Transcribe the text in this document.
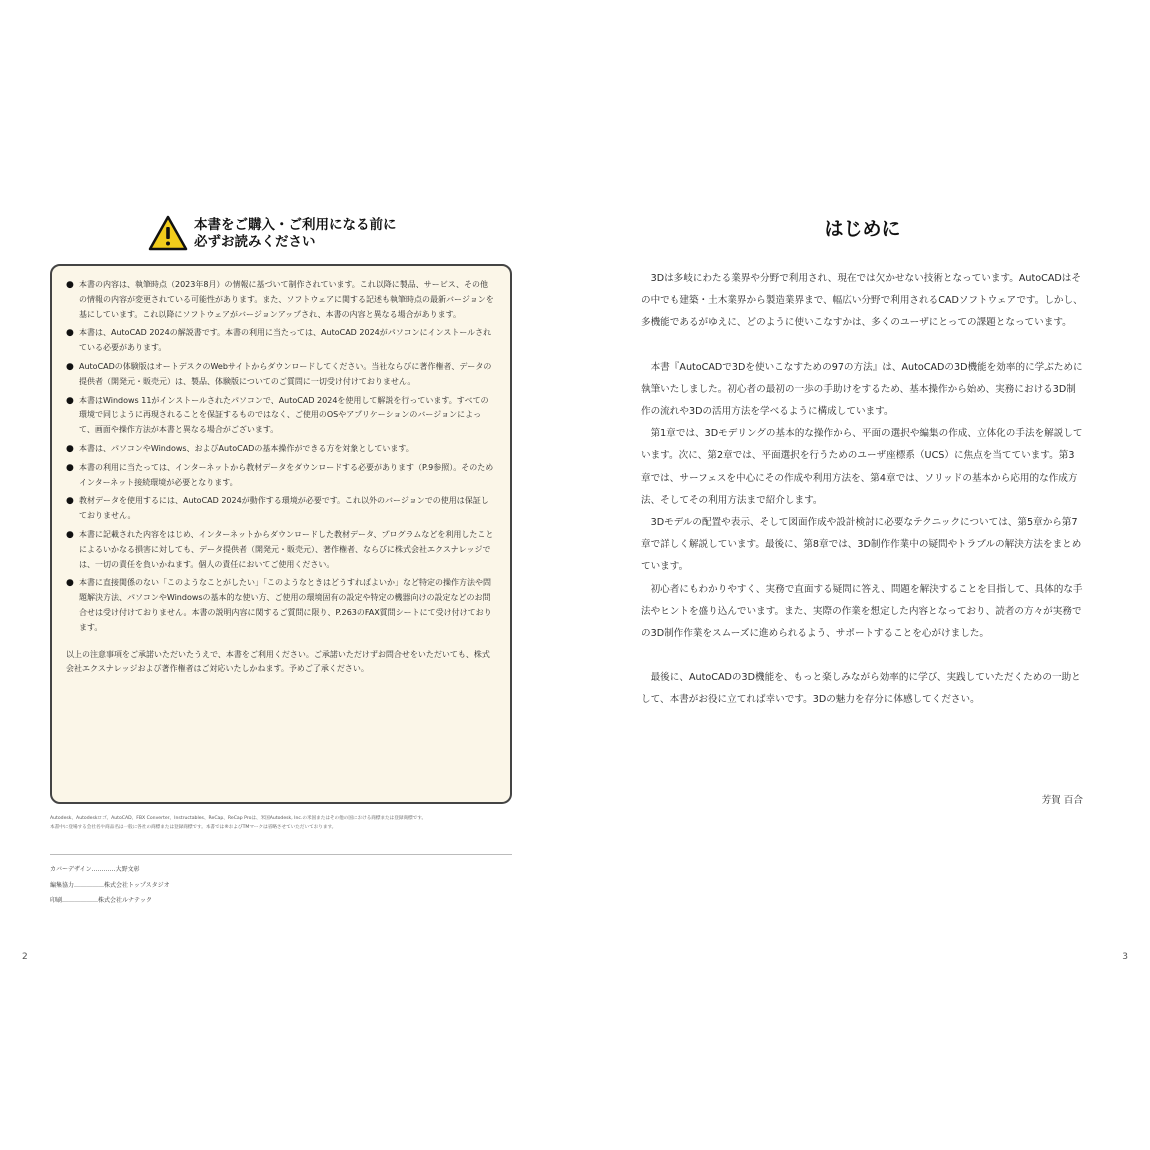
本書をご購入・ご利用になる前に
必ずお読みください
● 本書の内容は、執筆時点（2023年8月）の情報に基づいて制作されています。これ以降に製品、サービス、その他の情報の内容が変更されている可能性があります。また、ソフトウェアに関する記述も執筆時点の最新バージョンを基にしています。これ以降にソフトウェアがバージョンアップされ、本書の内容と異なる場合があります。
● 本書は、AutoCAD 2024の解説書です。本書の利用に当たっては、AutoCAD 2024がパソコンにインストールされている必要があります。
● AutoCADの体験版はオートデスクのWebサイトからダウンロードしてください。当社ならびに著作権者、データの提供者（開発元・販売元）は、製品、体験版についてのご質問に一切受け付けておりません。
● 本書はWindows 11がインストールされたパソコンで、AutoCAD 2024を使用して解説を行っています。すべての環境で同じように再現されることを保証するものではなく、ご使用のOSやアプリケーションのバージョンによって、画面や操作方法が本書と異なる場合がございます。
● 本書は、パソコンやWindows、およびAutoCADの基本操作ができる方を対象としています。
● 本書の利用に当たっては、インターネットから教材データをダウンロードする必要があります（P.9参照）。そのためインターネット接続環境が必要となります。
● 教材データを使用するには、AutoCAD 2024が動作する環境が必要です。これ以外のバージョンでの使用は保証しておりません。
● 本書に記載された内容をはじめ、インターネットからダウンロードした教材データ、プログラムなどを利用したことによるいかなる損害に対しても、データ提供者（開発元・販売元）、著作権者、ならびに株式会社エクスナレッジでは、一切の責任を負いかねます。個人の責任においてご使用ください。
● 本書に直接関係のない「このようなことがしたい」「このようなときはどうすればよいか」など特定の操作方法や問題解決方法、パソコンやWindowsの基本的な使い方、ご使用の環境固有の設定や特定の機器向けの設定などのお問合せは受け付けておりません。本書の説明内容に関するご質問に限り、P.263のFAX質問シートにて受け付けております。
以上の注意事項をご承諾いただいたうえで、本書をご利用ください。ご承諾いただけずお問合せをいただいても、株式会社エクスナレッジおよび著作権者はご対応いたしかねます。予めご了承ください。
Autodesk、Autodeskロゴ、AutoCAD、FBX Converter、Instructables、ReCap、ReCap Proは、米国Autodesk, Inc.の米国またはその他の国における商標または登録商標です。
本書中に登場する会社名や商品名は一般に各社の商標または登録商標です。本書では®およびTMマークは省略させていただいております。
カバーデザイン…………大野文彰
編集協力……………株式会社トップスタジオ
印刷………………株式会社ルナテック
2
はじめに

3Dは多岐にわたる業界や分野で利用され、現在では欠かせない技術となっています。AutoCADはその中でも建築・土木業界から製造業界まで、幅広い分野で利用されるCADソフトウェアです。しかし、多機能であるがゆえに、どのように使いこなすかは、多くのユーザにとっての課題となっています。

本書『AutoCADで3Dを使いこなすための97の方法』は、AutoCADの3D機能を効率的に学ぶために執筆いたしました。初心者の最初の一歩の手助けをするため、基本操作から始め、実務における3D制作の流れや3Dの活用方法を学べるように構成しています。

第1章では、3Dモデリングの基本的な操作から、平面の選択や編集の作成、立体化の手法を解説しています。次に、第2章では、平面選択を行うためのユーザ座標系（UCS）に焦点を当てています。第3章では、サーフェスを中心にその作成や利用方法を、第4章では、ソリッドの基本から応用的な作成方法、そしてその利用方法まで紹介します。

3Dモデルの配置や表示、そして図面作成や設計検討に必要なテクニックについては、第5章から第7章で詳しく解説しています。最後に、第8章では、3D制作作業中の疑問やトラブルの解決方法をまとめています。

初心者にもわかりやすく、実務で直面する疑問に答え、問題を解決することを目指して、具体的な手法やヒントを盛り込んでいます。また、実際の作業を想定した内容となっており、読者の方々が実務での3D制作作業をスムーズに進められるよう、サポートすることを心がけました。

最後に、AutoCADの3D機能を、もっと楽しみながら効率的に学び、実践していただくための一助として、本書がお役に立てれば幸いです。3Dの魅力を存分に体感してください。

芳賀 百合
3
